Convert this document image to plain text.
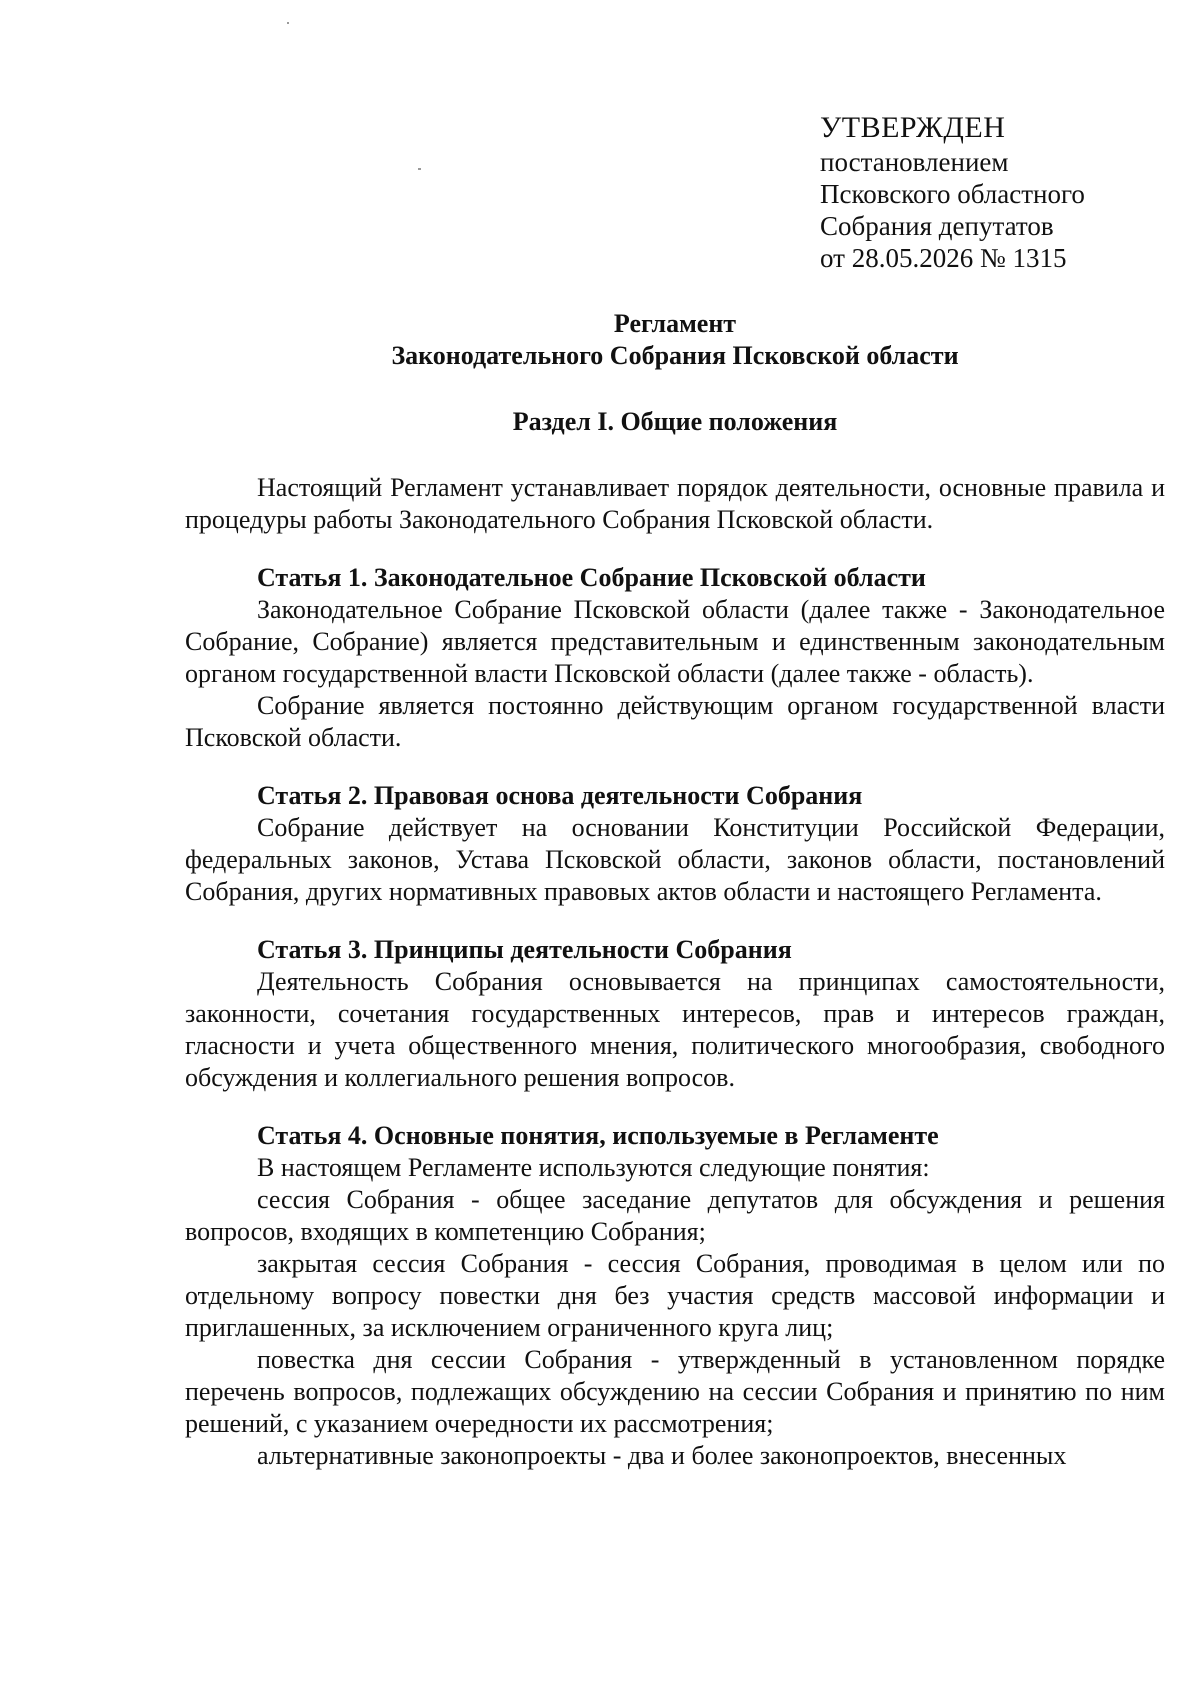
УТВЕРЖДЕН
постановлением
Псковского областного
Собрания депутатов
от 28.05.2026 № 1315
Регламент
Законодательного Собрания Псковской области
Раздел I. Общие положения

Настоящий Регламент устанавливает порядок деятельности, основные правила и процедуры работы Законодательного Собрания Псковской области.

Статья 1. Законодательное Собрание Псковской области

Законодательное Собрание Псковской области (далее также - Законодательное Собрание, Собрание) является представительным и единственным законодательным органом государственной власти Псковской области (далее также - область).

Собрание является постоянно действующим органом государственной власти Псковской области.

Статья 2. Правовая основа деятельности Собрания

Собрание действует на основании Конституции Российской Федерации, федеральных законов, Устава Псковской области, законов области, постановлений Собрания, других нормативных правовых актов области и настоящего Регламента.

Статья 3. Принципы деятельности Собрания

Деятельность Собрания основывается на принципах самостоятельности, законности, сочетания государственных интересов, прав и интересов граждан, гласности и учета общественного мнения, политического многообразия, свободного обсуждения и коллегиального решения вопросов.

Статья 4. Основные понятия, используемые в Регламенте

В настоящем Регламенте используются следующие понятия:

сессия Собрания - общее заседание депутатов для обсуждения и решения вопросов, входящих в компетенцию Собрания;

закрытая сессия Собрания - сессия Собрания, проводимая в целом или по отдельному вопросу повестки дня без участия средств массовой информации и приглашенных, за исключением ограниченного круга лиц;

повестка дня сессии Собрания - утвержденный в установленном порядке перечень вопросов, подлежащих обсуждению на сессии Собрания и принятию по ним решений, с указанием очередности их рассмотрения;

альтернативные законопроекты - два и более законопроектов, внесенных
